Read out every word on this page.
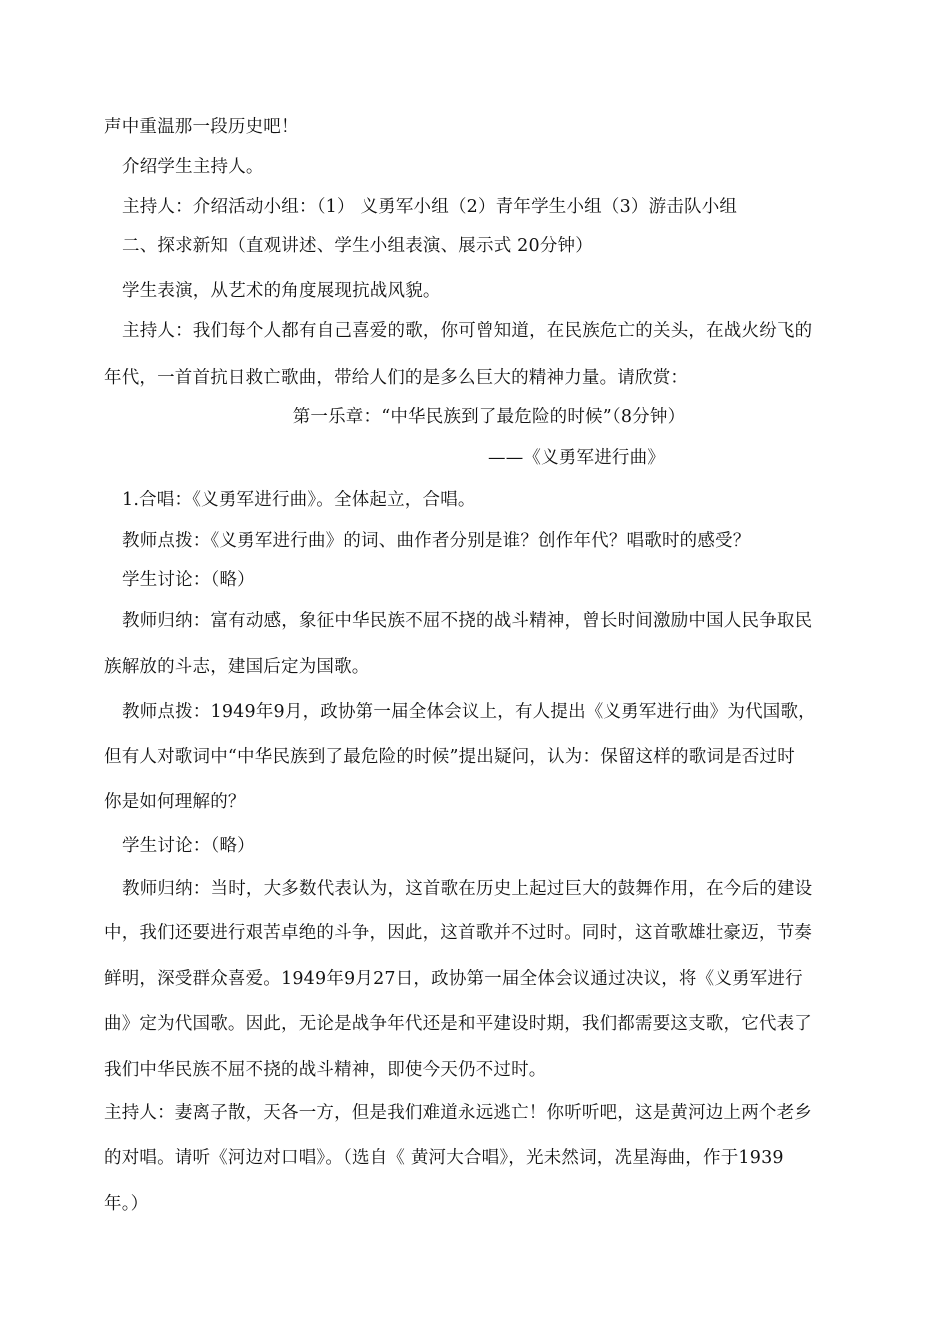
声中重温那一段历史吧！
介绍学生主持人。
主持人：介绍活动小组：（1） 义勇军小组（2）青年学生小组（3）游击队小组
二、探求新知（直观讲述、学生小组表演、展示式 20分钟）
学生表演，从艺术的角度展现抗战风貌。
主持人：我们每个人都有自己喜爱的歌，你可曾知道，在民族危亡的关头，在战火纷飞的
年代，一首首抗日救亡歌曲，带给人们的是多么巨大的精神力量。请欣赏：
第一乐章：“中华民族到了最危险的时候”（8分钟）
——《义勇军进行曲》
1.合唱：《义勇军进行曲》。全体起立，合唱。
教师点拨：《义勇军进行曲》的词、曲作者分别是谁？创作年代？唱歌时的感受？
学生讨论：（略）
教师归纳：富有动感，象征中华民族不屈不挠的战斗精神，曾长时间激励中国人民争取民
族解放的斗志，建国后定为国歌。
教师点拨：1949年9月，政协第一届全体会议上，有人提出《义勇军进行曲》为代国歌，
但有人对歌词中“中华民族到了最危险的时候”提出疑问，认为：保留这样的歌词是否过时
你是如何理解的？
学生讨论：（略）
教师归纳：当时，大多数代表认为，这首歌在历史上起过巨大的鼓舞作用，在今后的建设
中，我们还要进行艰苦卓绝的斗争，因此，这首歌并不过时。同时，这首歌雄壮豪迈，节奏
鲜明，深受群众喜爱。1949年9月27日，政协第一届全体会议通过决议，将《义勇军进行
曲》定为代国歌。因此，无论是战争年代还是和平建设时期，我们都需要这支歌，它代表了
我们中华民族不屈不挠的战斗精神，即使今天仍不过时。
主持人：妻离子散，天各一方，但是我们难道永远逃亡！你听听吧，这是黄河边上两个老乡
的对唱。请听《河边对口唱》。（选自《 黄河大合唱》，光未然词，冼星海曲，作于1939
年。）
